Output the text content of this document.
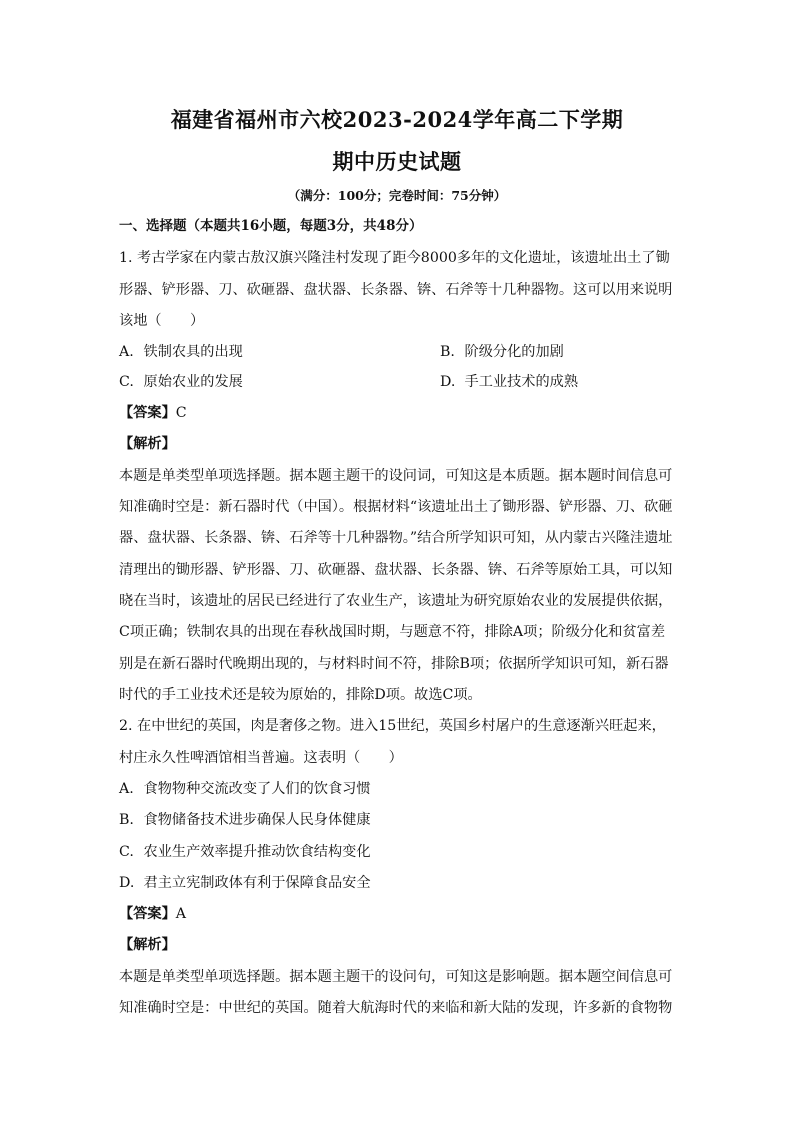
福建省福州市六校2023-2024学年高二下学期
期中历史试题
（满分：100分；完卷时间：75分钟）
一、选择题（本题共16小题，每题3分，共48分）
1. 考古学家在内蒙古敖汉旗兴隆洼村发现了距今8000多年的文化遗址，该遗址出土了锄
形器、铲形器、刀、砍砸器、盘状器、长条器、锛、石斧等十几种器物。这可以用来说明
该地（　　）
A. 铁制农具的出现	B. 阶级分化的加剧
C. 原始农业的发展	D. 手工业技术的成熟
【答案】C
【解析】
本题是单类型单项选择题。据本题主题干的设问词，可知这是本质题。据本题时间信息可
知准确时空是：新石器时代（中国）。根据材料“该遗址出土了锄形器、铲形器、刀、砍砸
器、盘状器、长条器、锛、石斧等十几种器物。”结合所学知识可知，从内蒙古兴隆洼遗址
清理出的锄形器、铲形器、刀、砍砸器、盘状器、长条器、锛、石斧等原始工具，可以知
晓在当时，该遗址的居民已经进行了农业生产，该遗址为研究原始农业的发展提供依据，
C项正确；铁制农具的出现在春秋战国时期，与题意不符，排除A项；阶级分化和贫富差
别是在新石器时代晚期出现的，与材料时间不符，排除B项；依据所学知识可知，新石器
时代的手工业技术还是较为原始的，排除D项。故选C项。
2. 在中世纪的英国，肉是奢侈之物。进入15世纪，英国乡村屠户的生意逐渐兴旺起来，
村庄永久性啤酒馆相当普遍。这表明（　　）
A. 食物物种交流改变了人们的饮食习惯
B. 食物储备技术进步确保人民身体健康
C. 农业生产效率提升推动饮食结构变化
D. 君主立宪制政体有利于保障食品安全
【答案】A
【解析】
本题是单类型单项选择题。据本题主题干的设问句，可知这是影响题。据本题空间信息可
知准确时空是：中世纪的英国。随着大航海时代的来临和新大陆的发现，许多新的食物物
